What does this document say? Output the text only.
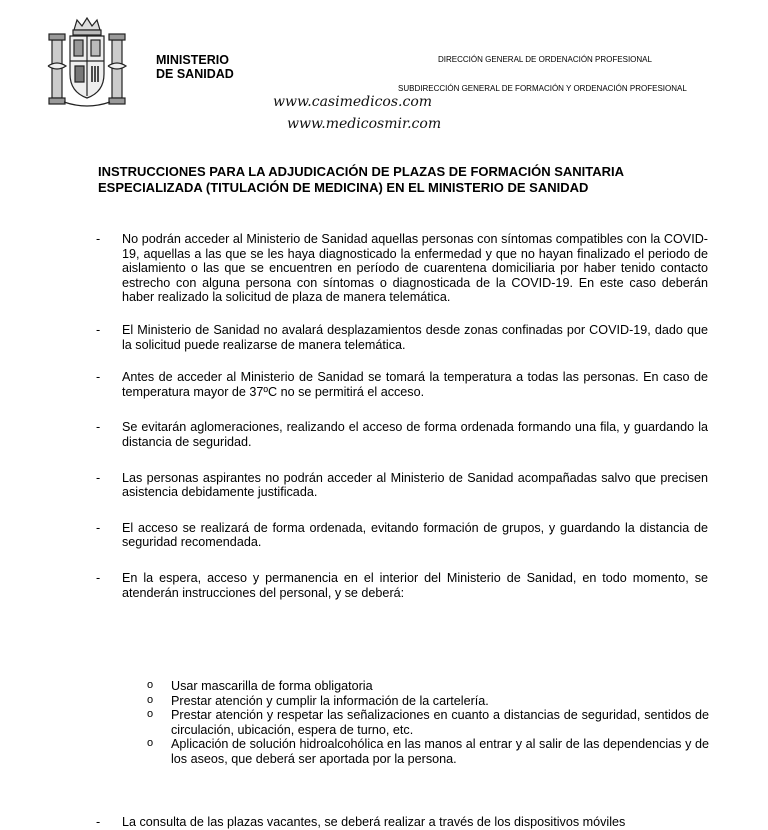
MINISTERIO
DE SANIDAD
DIRECCIÓN GENERAL DE ORDENACIÓN PROFESIONAL
SUBDIRECCIÓN GENERAL DE FORMACIÓN Y ORDENACIÓN PROFESIONAL
www.casimedicos.com
www.medicosmir.com
INSTRUCCIONES PARA LA ADJUDICACIÓN DE PLAZAS DE FORMACIÓN SANITARIA ESPECIALIZADA (TITULACIÓN DE MEDICINA) EN EL MINISTERIO DE SANIDAD
- No podrán acceder al Ministerio de Sanidad aquellas personas con síntomas compatibles con la COVID-19, aquellas a las que se les haya diagnosticado la enfermedad y que no hayan finalizado el periodo de aislamiento o las que se encuentren en período de cuarentena domiciliaria por haber tenido contacto estrecho con alguna persona con síntomas o diagnosticada de la COVID-19. En este caso deberán haber realizado la solicitud de plaza de manera telemática.
- El Ministerio de Sanidad no avalará desplazamientos desde zonas confinadas por COVID-19, dado que la solicitud puede realizarse de manera telemática.
- Antes de acceder al Ministerio de Sanidad se tomará la temperatura a todas las personas. En caso de temperatura mayor de 37ºC no se permitirá el acceso.
- Se evitarán aglomeraciones, realizando el acceso de forma ordenada formando una fila, y guardando la distancia de seguridad.
- Las personas aspirantes no podrán acceder al Ministerio de Sanidad acompañadas salvo que precisen asistencia debidamente justificada.
- El acceso se realizará de forma ordenada, evitando formación de grupos, y guardando la distancia de seguridad recomendada.
- En la espera, acceso y permanencia en el interior del Ministerio de Sanidad, en todo momento, se atenderán instrucciones del personal, y se deberá:
o Usar mascarilla de forma obligatoria
o Prestar atención y cumplir la información de la cartelería.
o Prestar atención y respetar las señalizaciones en cuanto a distancias de seguridad, sentidos de circulación, ubicación, espera de turno, etc.
o Aplicación de solución hidroalcohólica en las manos al entrar y al salir de las dependencias y de los aseos, que deberá ser aportada por la persona.
- La consulta de las plazas vacantes, se deberá realizar a través de los dispositivos móviles
